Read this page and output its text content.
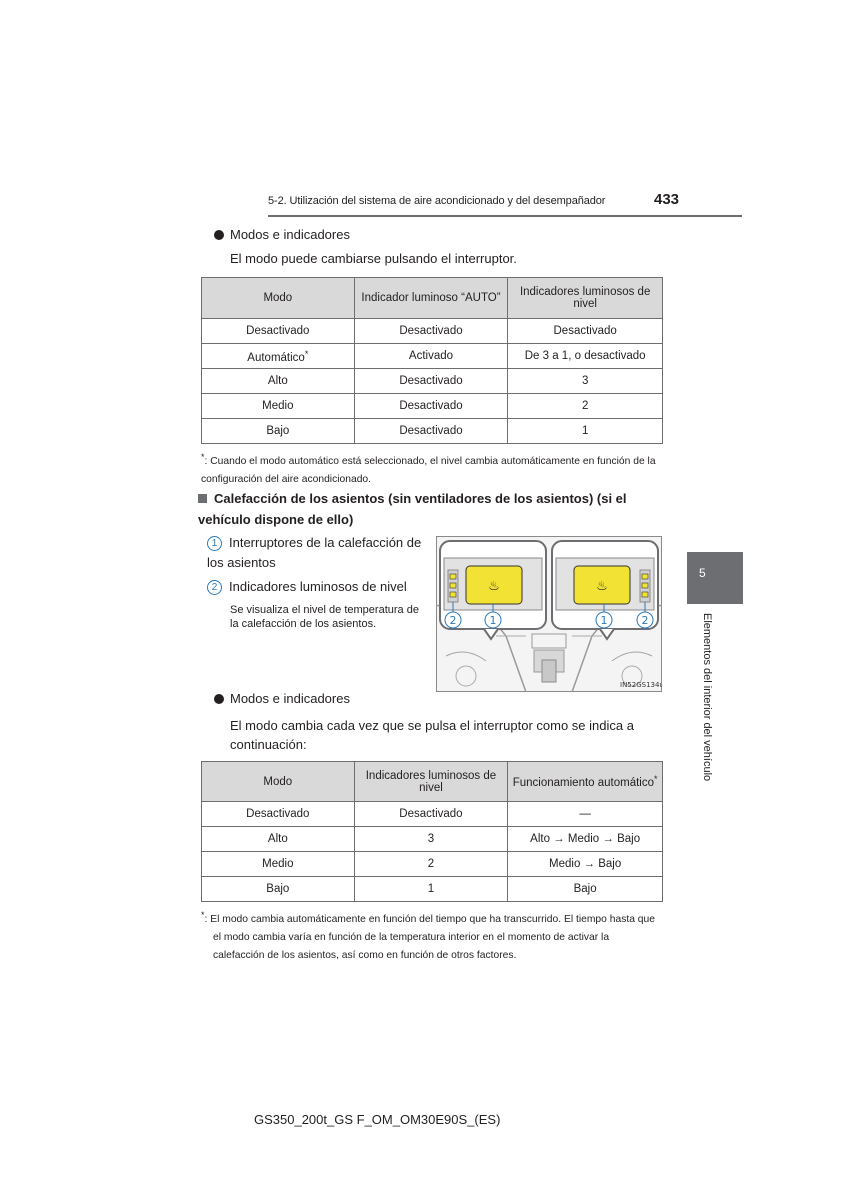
5-2. Utilización del sistema de aire acondicionado y del desempañador	433
5
Elementos del interior del vehículo
Modos e indicadores
El modo puede cambiarse pulsando el interruptor.
Modo	Indicador luminoso “AUTO”	Indicadores luminosos de nivel
Desactivado	Desactivado	Desactivado
Automático*	Activado	De 3 a 1, o desactivado
Alto	Desactivado	3
Medio	Desactivado	2
Bajo	Desactivado	1
*: Cuando el modo automático está seleccionado, el nivel cambia automáticamente en función de la configuración del aire acondicionado.
Calefacción de los asientos (sin ventiladores de los asientos) (si el vehículo dispone de ello)
1 Interruptores de la calefacción de los asientos
2 Indicadores luminosos de nivel
Se visualiza el nivel de temperatura de la calefacción de los asientos.
♨
2	1
♨
1	2
IN52GS134u
Modos e indicadores
El modo cambia cada vez que se pulsa el interruptor como se indica a continuación:
Modo	Indicadores luminosos de nivel	Funcionamiento automático*
Desactivado	Desactivado	—
Alto	3	Alto → Medio → Bajo
Medio	2	Medio → Bajo
Bajo	1	Bajo
*: El modo cambia automáticamente en función del tiempo que ha transcurrido. El tiempo hasta que el modo cambia varía en función de la temperatura interior en el momento de activar la calefacción de los asientos, así como en función de otros factores.
GS350_200t_GS F_OM_OM30E90S_(ES)
